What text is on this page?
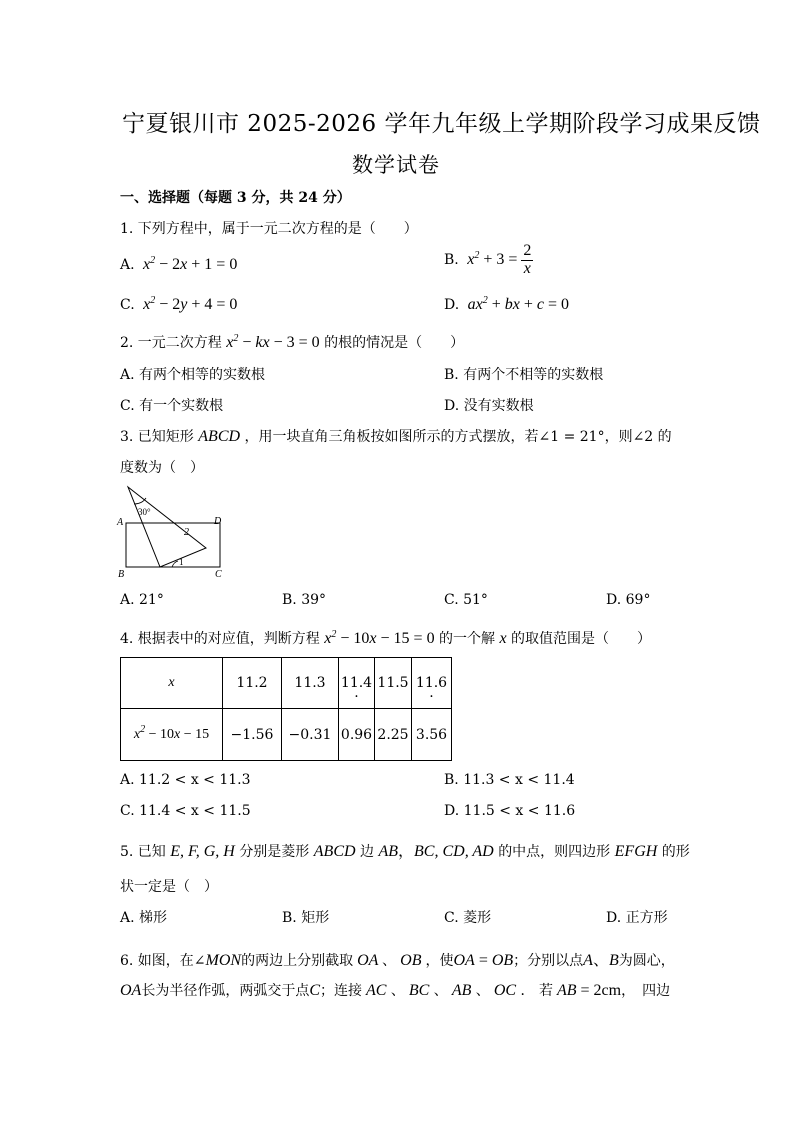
宁夏银川市 2025-2026 学年九年级上学期阶段学习成果反馈
数学试卷
一、选择题（每题 3 分，共 24 分）
1. 下列方程中，属于一元二次方程的是（　　）
A.  $x^2 - 2x + 1 = 0$	B.  $x^2 + 3 = \frac{2}{x}$
C.  $x^2 - 2y + 4 = 0$	D.  $ax^2$ + bx + c = 0
2. 一元二次方程 $x^2$ − kx − 3 = 0 的根的情况是（　　）
A. 有两个相等的实数根	B. 有两个不相等的实数根
C. 有一个实数根	D. 没有实数根
3. 已知矩形 ABCD ，用一块直角三角板按如图所示的方式摆放，若∠1 = 21°，则∠2 的
度数为（　）
30°
2
1
A	D
B	C
A. 21°	B. 39°	C. 51°	D. 69°
4. 根据表中的对应值，判断方程 $x^2 - 10x - 15 = 0$ 的一个解 x 的取值范围是（　　）
x	11.2	11.3	11.4 ·	11.5	11.6 ·
$x^2 - 10x - 15$	−1.56	−0.31	0.96	2.25	3.56
A. 11.2 < x < 11.3	B. 11.3 < x < 11.4
C. 11.4 < x < 11.5	D. 11.5 < x < 11.6
5. 已知 E, F, G, H 分别是菱形 ABCD 边 AB，BC, CD, AD 的中点，则四边形 EFGH 的形
状一定是（　）
A. 梯形	B. 矩形	C. 菱形	D. 正方形
6. 如图，在∠MON的两边上分别截取 OA 、 OB ，使OA = OB；分别以点A、B为圆心，
OA长为半径作弧，两弧交于点C；连接 AC 、 BC 、 AB 、 OC ． 若 AB = 2cm，　四边
